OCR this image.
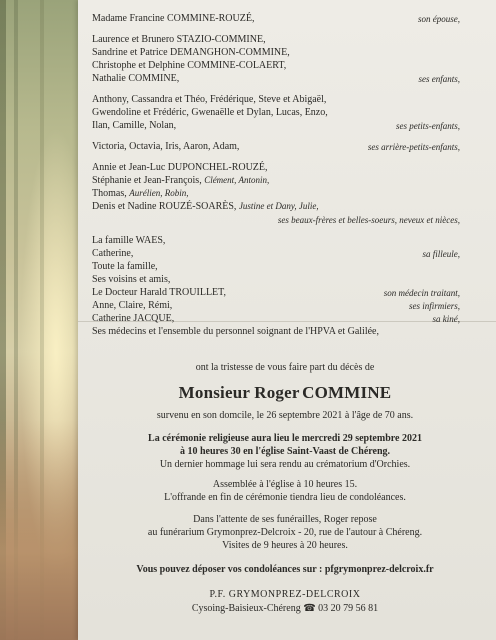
Madame Francine COMMINE-ROUZÉ,	son épouse,
Laurence et Brunero STAZIO-COMMINE,
Sandrine et Patrice DEMANGHON-COMMINE,
Christophe et Delphine COMMINE-COLAERT,
Nathalie COMMINE,	ses enfants,
Anthony, Cassandra et Théo, Frédérique, Steve et Abigaël,
Gwendoline et Frédéric, Gwenaëlle et Dylan, Lucas, Enzo,
Ilan, Camille, Nolan,	ses petits-enfants,
Victoria, Octavia, Iris, Aaron, Adam,	ses arrière-petits-enfants,
Annie et Jean-Luc DUPONCHEL-ROUZÉ,
Stéphanie et Jean-François, Clément, Antonin,
Thomas, Aurélien, Robin,
Denis et Nadine ROUZÉ-SOARÈS, Justine et Dany, Julie,
ses beaux-frères et belles-soeurs, neveux et nièces,
La famille WAES,
Catherine,	sa filleule,
Toute la famille,
Ses voisins et amis,
Le Docteur Harald TROUILLET,	son médecin traitant,
Anne, Claire, Rémi,	ses infirmiers,
Catherine JACQUE,	sa kiné,
Ses médecins et l'ensemble du personnel soignant de l'HPVA et Galilée,
ont la tristesse de vous faire part du décès de
Monsieur Roger COMMINE
survenu en son domcile, le 26 septembre 2021 à l'âge de 70 ans.
La cérémonie religieuse aura lieu le mercredi 29 septembre 2021
à 10 heures 30 en l'église Saint-Vaast de Chéreng.
Un dernier hommage lui sera rendu au crématorium d'Orchies.
Assemblée à l'église à 10 heures 15.
L'offrande en fin de cérémonie tiendra lieu de condoléances.
Dans l'attente de ses funérailles, Roger repose
au funérarium Grymonprez-Delcroix - 20, rue de l'autour à Chéreng.
Visites de 9 heures à 20 heures.
Vous pouvez déposer vos condoléances sur : pfgrymonprez-delcroix.fr
P.F. GRYMONPREZ-DELCROIX
Cysoing-Baisieux-Chéreng ☎ 03 20 79 56 81
